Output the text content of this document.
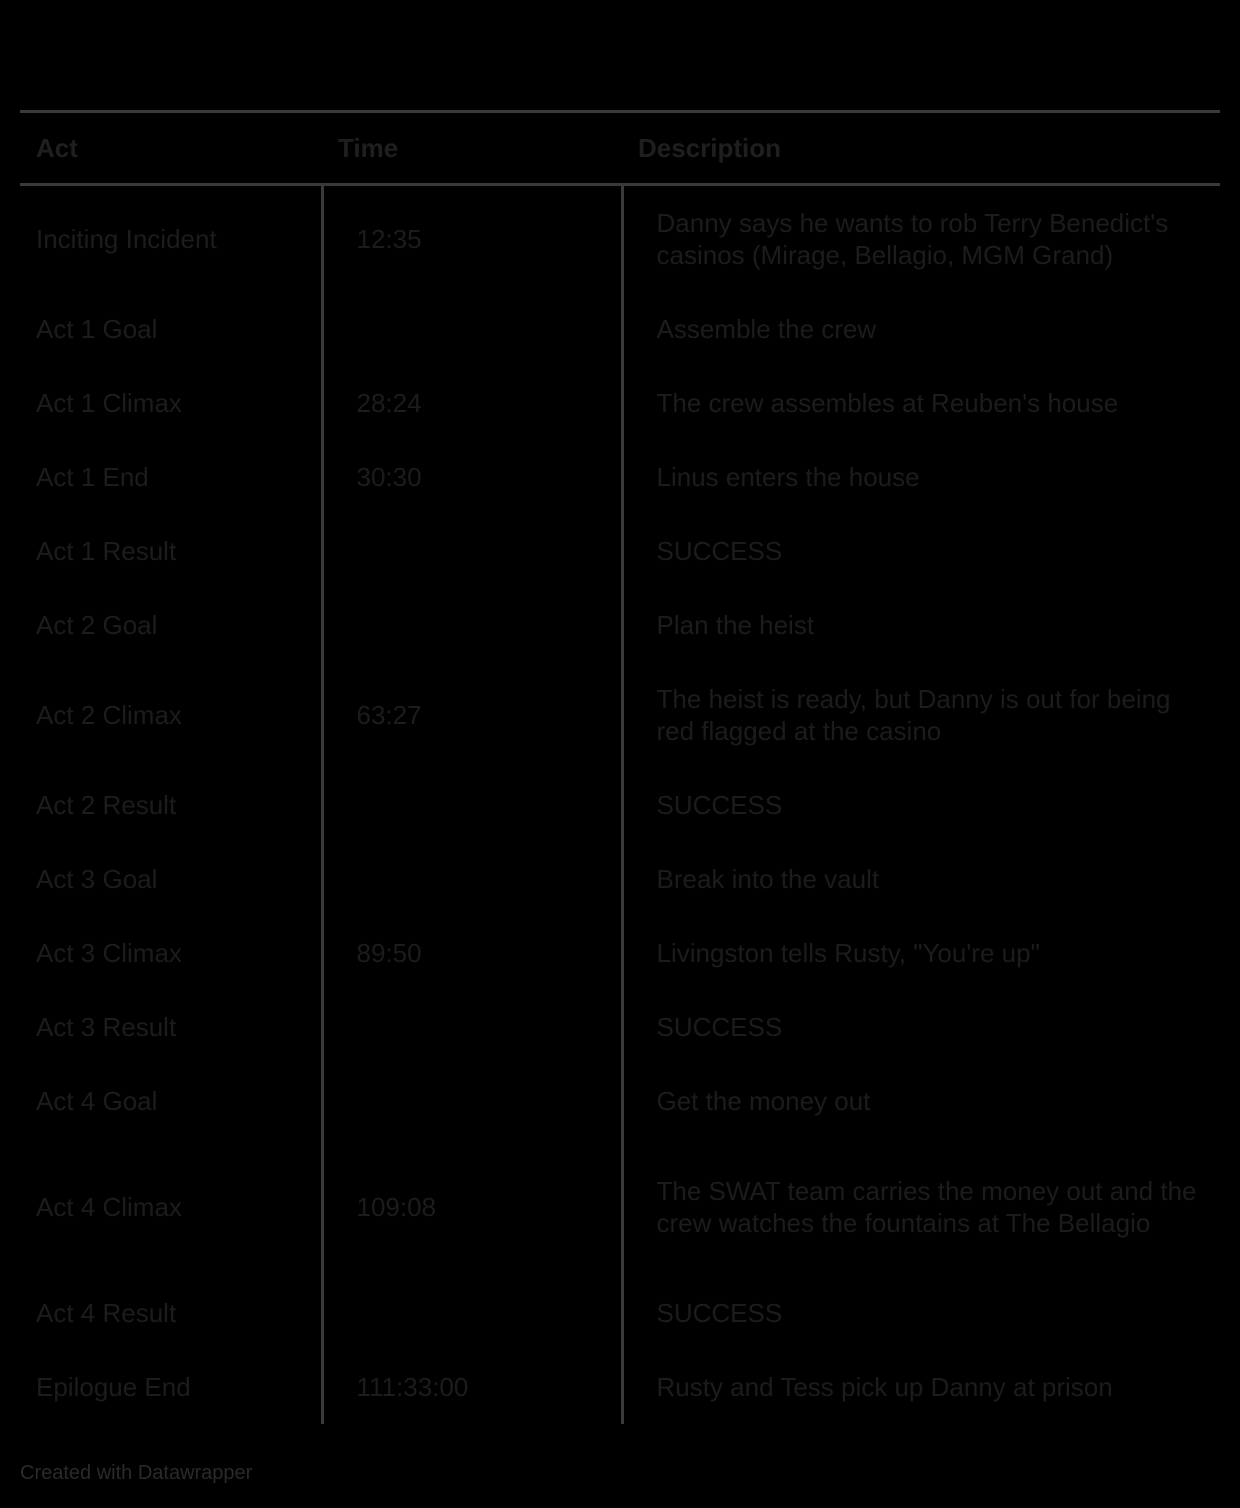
Act	Time	Description
Inciting Incident	12:35	Danny says he wants to rob Terry Benedict's casinos (Mirage, Bellagio, MGM Grand)
Act 1 Goal		Assemble the crew
Act 1 Climax	28:24	The crew assembles at Reuben's house
Act 1 End	30:30	Linus enters the house
Act 1 Result		SUCCESS
Act 2 Goal		Plan the heist
Act 2 Climax	63:27	The heist is ready, but Danny is out for being red flagged at the casino
Act 2 Result		SUCCESS
Act 3 Goal		Break into the vault
Act 3 Climax	89:50	Livingston tells Rusty, "You're up"
Act 3 Result		SUCCESS
Act 4 Goal		Get the money out
Act 4 Climax	109:08	The SWAT team carries the money out and the crew watches the fountains at The Bellagio
Act 4 Result		SUCCESS
Epilogue End	111:33:00	Rusty and Tess pick up Danny at prison
Created with Datawrapper
